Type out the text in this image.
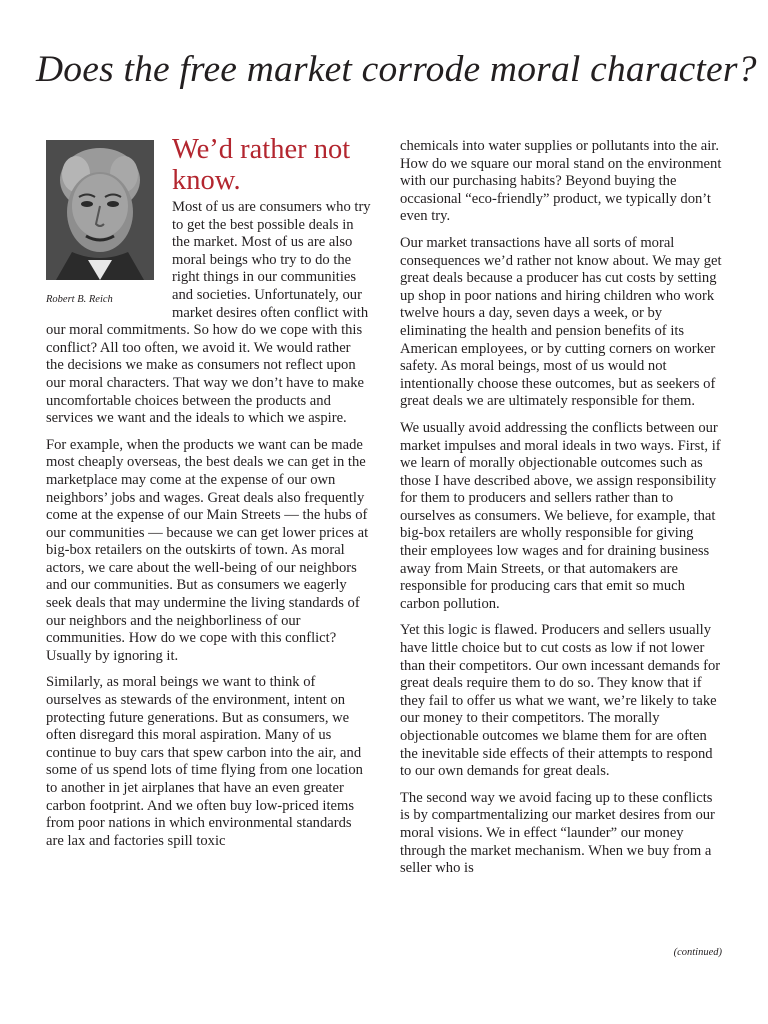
Does the free market corrode moral character?
Robert B. Reich
We’d rather not know.

Most of us are consumers who try to get the best possible deals in the market. Most of us are also moral beings who try to do the right things in our communities and societies. Unfortunately, our market desires often conflict with our moral commitments. So how do we cope with this conflict? All too often, we avoid it. We would rather the decisions we make as consumers not reflect upon our moral characters. That way we don’t have to make uncomfortable choices between the products and services we want and the ideals to which we aspire.

For example, when the products we want can be made most cheaply overseas, the best deals we can get in the marketplace may come at the expense of our own neighbors’ jobs and wages. Great deals also frequently come at the expense of our Main Streets — the hubs of our communities — because we can get lower prices at big-box retailers on the outskirts of town. As moral actors, we care about the well-being of our neighbors and our communities. But as consumers we eagerly seek deals that may undermine the living standards of our neighbors and the neighborliness of our communities. How do we cope with this conflict? Usually by ignoring it.

Similarly, as moral beings we want to think of ourselves as stewards of the environment, intent on protecting future generations. But as consumers, we often disregard this moral aspiration. Many of us continue to buy cars that spew carbon into the air, and some of us spend lots of time flying from one location to another in jet airplanes that have an even greater carbon footprint. And we often buy low-priced items from poor nations in which environmental standards are lax and factories spill toxic

chemicals into water supplies or pollutants into the air. How do we square our moral stand on the environment with our purchasing habits? Beyond buying the occasional “eco-friendly” product, we typically don’t even try.

Our market transactions have all sorts of moral consequences we’d rather not know about. We may get great deals because a producer has cut costs by setting up shop in poor nations and hiring children who work twelve hours a day, seven days a week, or by eliminating the health and pension benefits of its American employees, or by cutting corners on worker safety. As moral beings, most of us would not intentionally choose these outcomes, but as seekers of great deals we are ultimately responsible for them.

We usually avoid addressing the conflicts between our market impulses and moral ideals in two ways. First, if we learn of morally objectionable outcomes such as those I have described above, we assign responsibility for them to producers and sellers rather than to ourselves as consumers. We believe, for example, that big-box retailers are wholly responsible for giving their employees low wages and for draining business away from Main Streets, or that automakers are responsible for producing cars that emit so much carbon pollution.

Yet this logic is flawed. Producers and sellers usually have little choice but to cut costs as low if not lower than their competitors. Our own incessant demands for great deals require them to do so. They know that if they fail to offer us what we want, we’re likely to take our money to their competitors. The morally objectionable outcomes we blame them for are often the inevitable side effects of their attempts to respond to our own demands for great deals.

The second way we avoid facing up to these conflicts is by compartmentalizing our market desires from our moral visions. We in effect “launder” our money through the market mechanism. When we buy from a seller who is

(continued)
